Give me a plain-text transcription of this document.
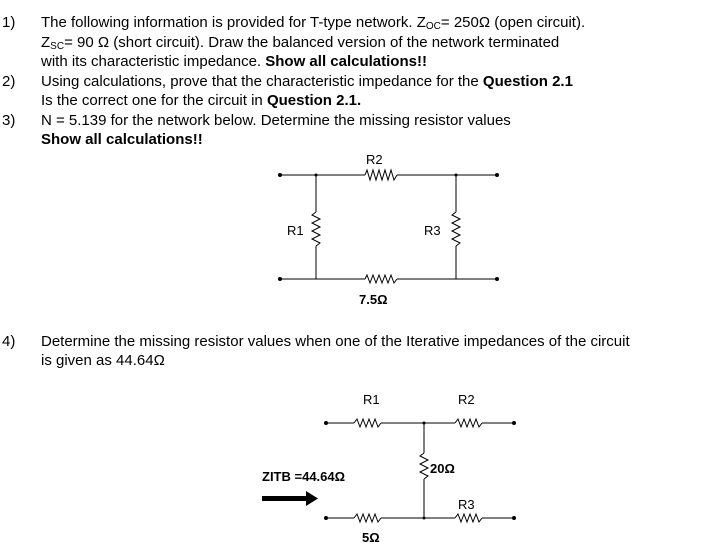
1) The following information is provided for T-type network. $Z_{OC}= 250\Omega$ (open circuit).
$Z_{SC}= 90$ Ω (short circuit). Draw the balanced version of the network terminated
with its characteristic impedance. Show all calculations!!
2) Using calculations, prove that the characteristic impedance for the Question 2.1
Is the correct one for the circuit in Question 2.1.
3) N = 5.139 for the network below. Determine the missing resistor values
Show all calculations!!
4) Determine the missing resistor values when one of the Iterative impedances of the circuit
is given as 44.64Ω
R2
R1	R3
7.5Ω
R1	R2
20Ω
R3
5Ω
ZITB =44.64Ω
